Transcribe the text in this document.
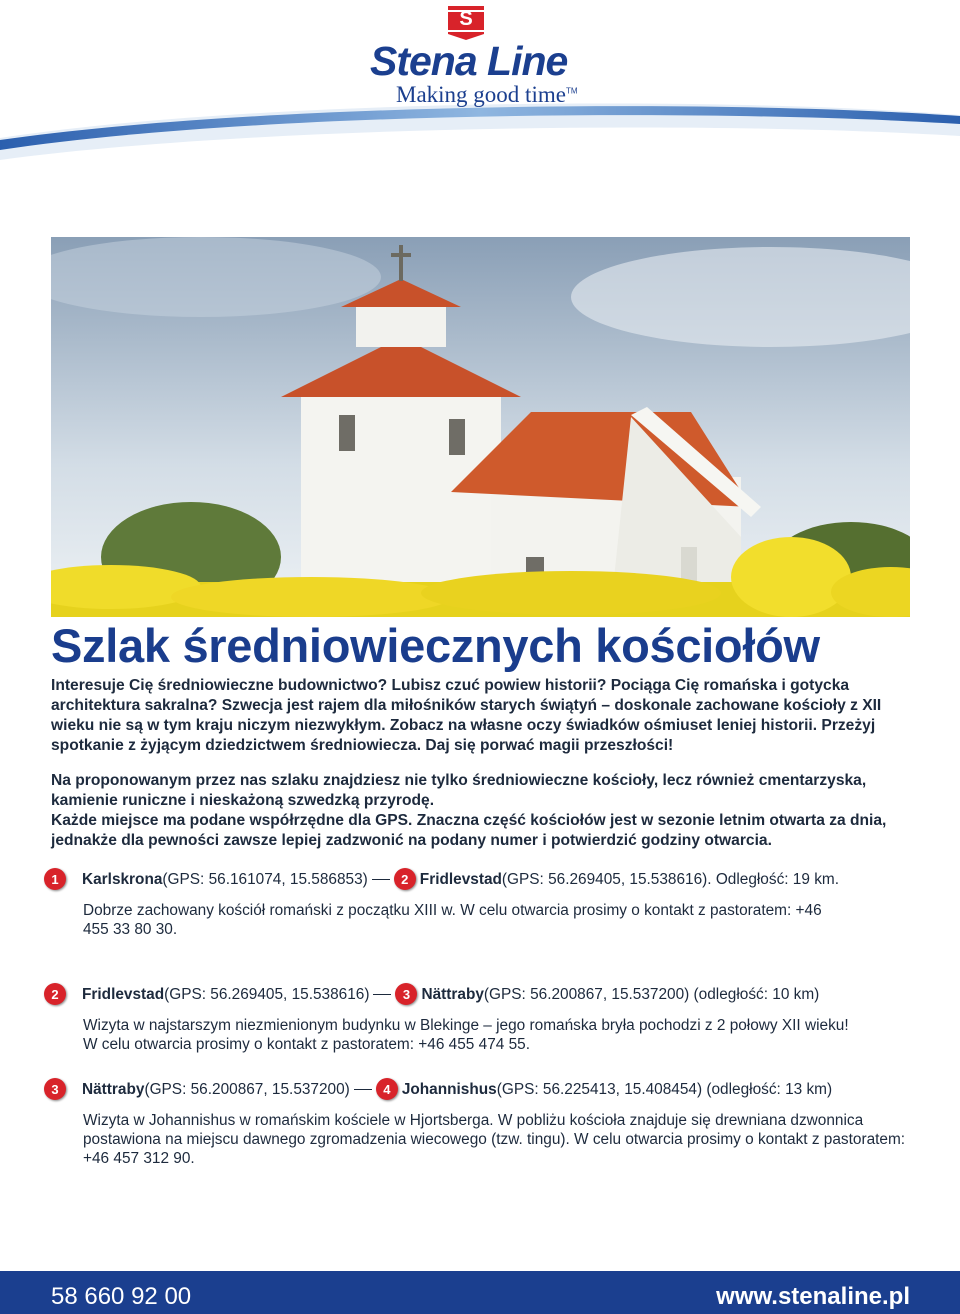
S
Stena Line
Making good time™
Szlak średniowiecznych kościołów

Interesuje Cię średniowieczne budownictwo? Lubisz czuć powiew historii? Pociąga Cię romańska i gotycka architektura sakralna? Szwecja jest rajem dla miłośników starych świątyń – doskonale zachowane kościoły z XII wieku nie są w tym kraju niczym niezwykłym. Zobacz na własne oczy świadków ośmiuset leniej historii. Przeżyj spotkanie z żyjącym dziedzictwem średniowiecza. Daj się porwać magii przeszłości!

Na proponowanym przez nas szlaku znajdziesz nie tylko średniowieczne kościoły, lecz również cmentarzyska, kamienie runiczne i nieskażoną szwedzką przyrodę.
Każde miejsce ma podane współrzędne dla GPS. Znaczna część kościołów jest w sezonie letnim otwarta za dnia, jednakże dla pewności zawsze lepiej zadzwonić na podany numer i potwierdzić godziny otwarcia.
1	Karlskrona (GPS: 56.161074, 15.586853)	2 Fridlevstad (GPS: 56.269405, 15.538616). Odległość: 19 km.
Dobrze zachowany kościół romański z początku XIII w. W celu otwarcia prosimy o kontakt z pastoratem: +46 455 33 80 30.
2	Fridlevstad (GPS: 56.269405, 15.538616)	3 Nättraby (GPS: 56.200867, 15.537200) (odległość: 10 km)
Wizyta w najstarszym niezmienionym budynku w Blekinge – jego romańska bryła pochodzi z 2 połowy XII wieku! W celu otwarcia prosimy o kontakt z pastoratem: +46 455 474 55.
3	Nättraby (GPS: 56.200867, 15.537200)	4 Johannishus (GPS: 56.225413, 15.408454) (odległość: 13 km)
Wizyta w Johannishus w romańskim kościele w Hjortsberga. W pobliżu kościoła znajduje się drewniana dzwonnica postawiona na miejscu dawnego zgromadzenia wiecowego (tzw. tingu). W celu otwarcia prosimy o kontakt z pastoratem: +46 457 312 90.
58 660 92 00	www.stenaline.pl
